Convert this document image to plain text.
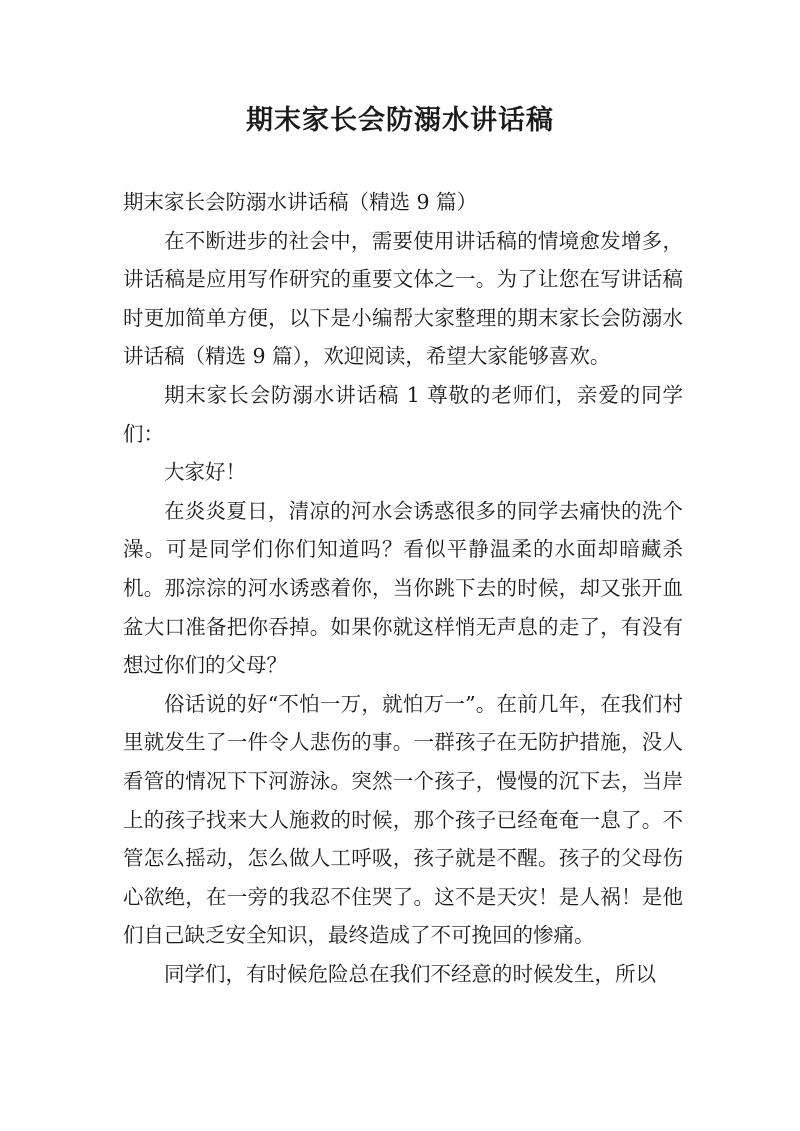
期末家长会防溺水讲话稿

期末家长会防溺水讲话稿（精选 9 篇）

在不断进步的社会中，需要使用讲话稿的情境愈发增多，讲话稿是应用写作研究的重要文体之一。为了让您在写讲话稿时更加简单方便，以下是小编帮大家整理的期末家长会防溺水讲话稿（精选 9 篇），欢迎阅读，希望大家能够喜欢。

期末家长会防溺水讲话稿 1 尊敬的老师们，亲爱的同学们：

大家好！

在炎炎夏日，清凉的河水会诱惑很多的同学去痛快的洗个澡。可是同学们你们知道吗？看似平静温柔的水面却暗藏杀机。那淙淙的河水诱惑着你，当你跳下去的时候，却又张开血盆大口准备把你吞掉。如果你就这样悄无声息的走了，有没有想过你们的父母？

俗话说的好“不怕一万，就怕万一”。在前几年，在我们村里就发生了一件令人悲伤的事。一群孩子在无防护措施，没人看管的情况下下河游泳。突然一个孩子，慢慢的沉下去，当岸上的孩子找来大人施救的时候，那个孩子已经奄奄一息了。不管怎么摇动，怎么做人工呼吸，孩子就是不醒。孩子的父母伤心欲绝，在一旁的我忍不住哭了。这不是天灾！是人祸！是他们自己缺乏安全知识，最终造成了不可挽回的惨痛。

同学们，有时候危险总在我们不经意的时候发生，所以
